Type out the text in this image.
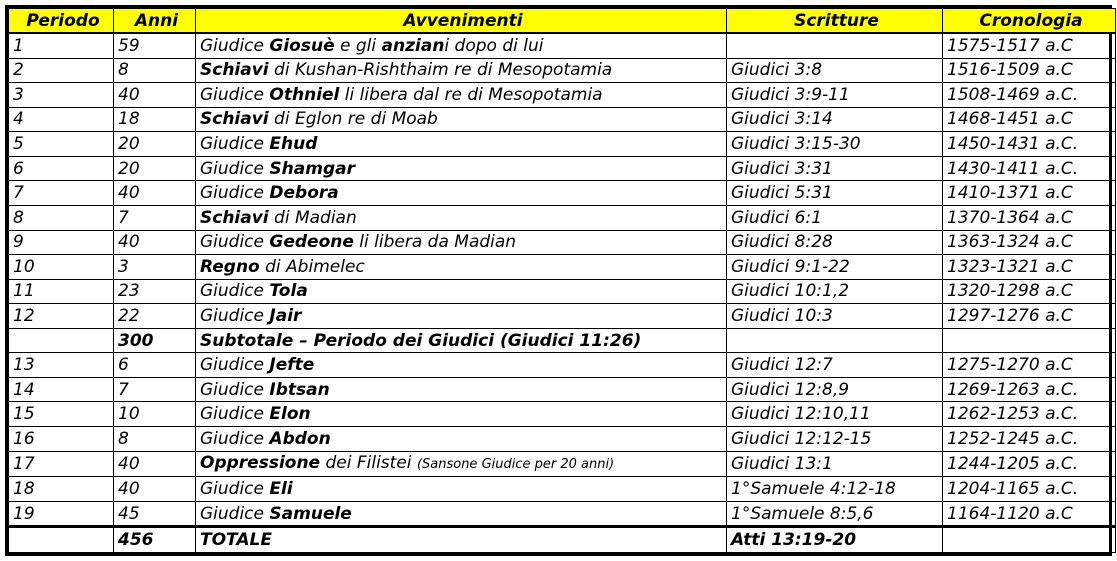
Periodo	Anni	Avvenimenti	Scritture	Cronologia
1	59	Giudice Giosuè e gli anziani dopo di lui		1575-1517 a.C
2	8	Schiavi di Kushan-Rishthaim re di Mesopotamia	Giudici 3:8	1516-1509 a.C
3	40	Giudice Othniel li libera dal re di Mesopotamia	Giudici 3:9-11	1508-1469 a.C.
4	18	Schiavi di Eglon re di Moab	Giudici 3:14	1468-1451 a.C
5	20	Giudice Ehud	Giudici 3:15-30	1450-1431 a.C.
6	20	Giudice Shamgar	Giudici 3:31	1430-1411 a.C.
7	40	Giudice Debora	Giudici 5:31	1410-1371 a.C
8	7	Schiavi di Madian	Giudici 6:1	1370-1364 a.C
9	40	Giudice Gedeone li libera da Madian	Giudici 8:28	1363-1324 a.C
10	3	Regno di Abimelec	Giudici 9:1-22	1323-1321 a.C
11	23	Giudice Tola	Giudici 10:1,2	1320-1298 a.C
12	22	Giudice Jair	Giudici 10:3	1297-1276 a.C
	300	Subtotale – Periodo dei Giudici (Giudici 11:26)		
13	6	Giudice Jefte	Giudici 12:7	1275-1270 a.C
14	7	Giudice Ibtsan	Giudici 12:8,9	1269-1263 a.C.
15	10	Giudice Elon	Giudici 12:10,11	1262-1253 a.C.
16	8	Giudice Abdon	Giudici 12:12-15	1252-1245 a.C.
17	40	Oppressione dei Filistei (Sansone Giudice per 20 anni)	Giudici 13:1	1244-1205 a.C.
18	40	Giudice Eli	1°Samuele 4:12-18	1204-1165 a.C.
19	45	Giudice Samuele	1°Samuele 8:5,6	1164-1120 a.C
	456	TOTALE	Atti 13:19-20	
